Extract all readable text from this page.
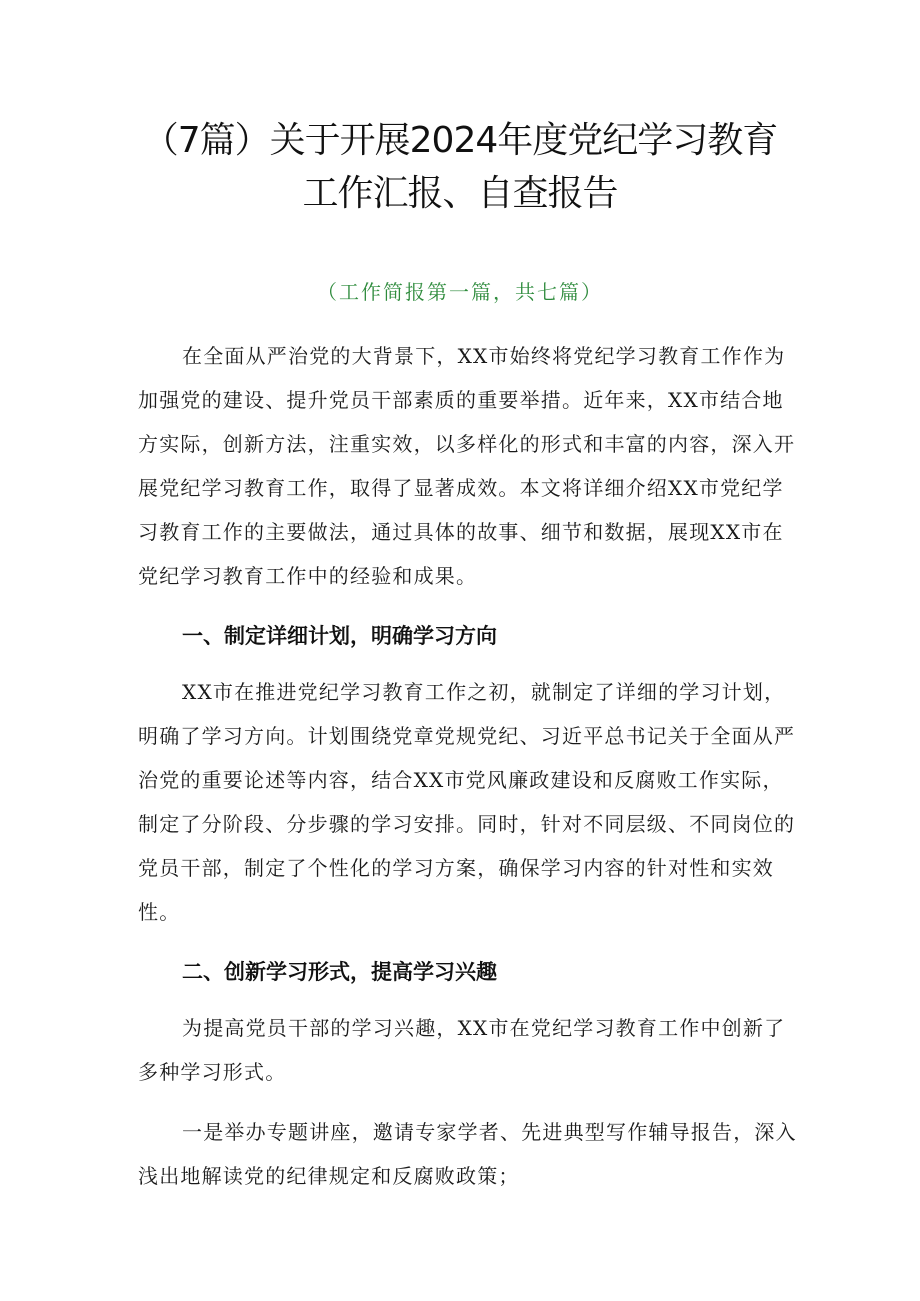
（7篇）关于开展2024年度党纪学习教育
工作汇报、自查报告

（工作简报第一篇，共七篇）

在全面从严治党的大背景下，XX市始终将党纪学习教育工作作为加强党的建设、提升党员干部素质的重要举措。近年来，XX市结合地方实际，创新方法，注重实效，以多样化的形式和丰富的内容，深入开展党纪学习教育工作，取得了显著成效。本文将详细介绍XX市党纪学习教育工作的主要做法，通过具体的故事、细节和数据，展现XX市在党纪学习教育工作中的经验和成果。

一、制定详细计划，明确学习方向

XX市在推进党纪学习教育工作之初，就制定了详细的学习计划，明确了学习方向。计划围绕党章党规党纪、习近平总书记关于全面从严治党的重要论述等内容，结合XX市党风廉政建设和反腐败工作实际，制定了分阶段、分步骤的学习安排。同时，针对不同层级、不同岗位的党员干部，制定了个性化的学习方案，确保学习内容的针对性和实效性。

二、创新学习形式，提高学习兴趣

为提高党员干部的学习兴趣，XX市在党纪学习教育工作中创新了多种学习形式。

一是举办专题讲座，邀请专家学者、先进典型写作辅导报告，深入浅出地解读党的纪律规定和反腐败政策；
